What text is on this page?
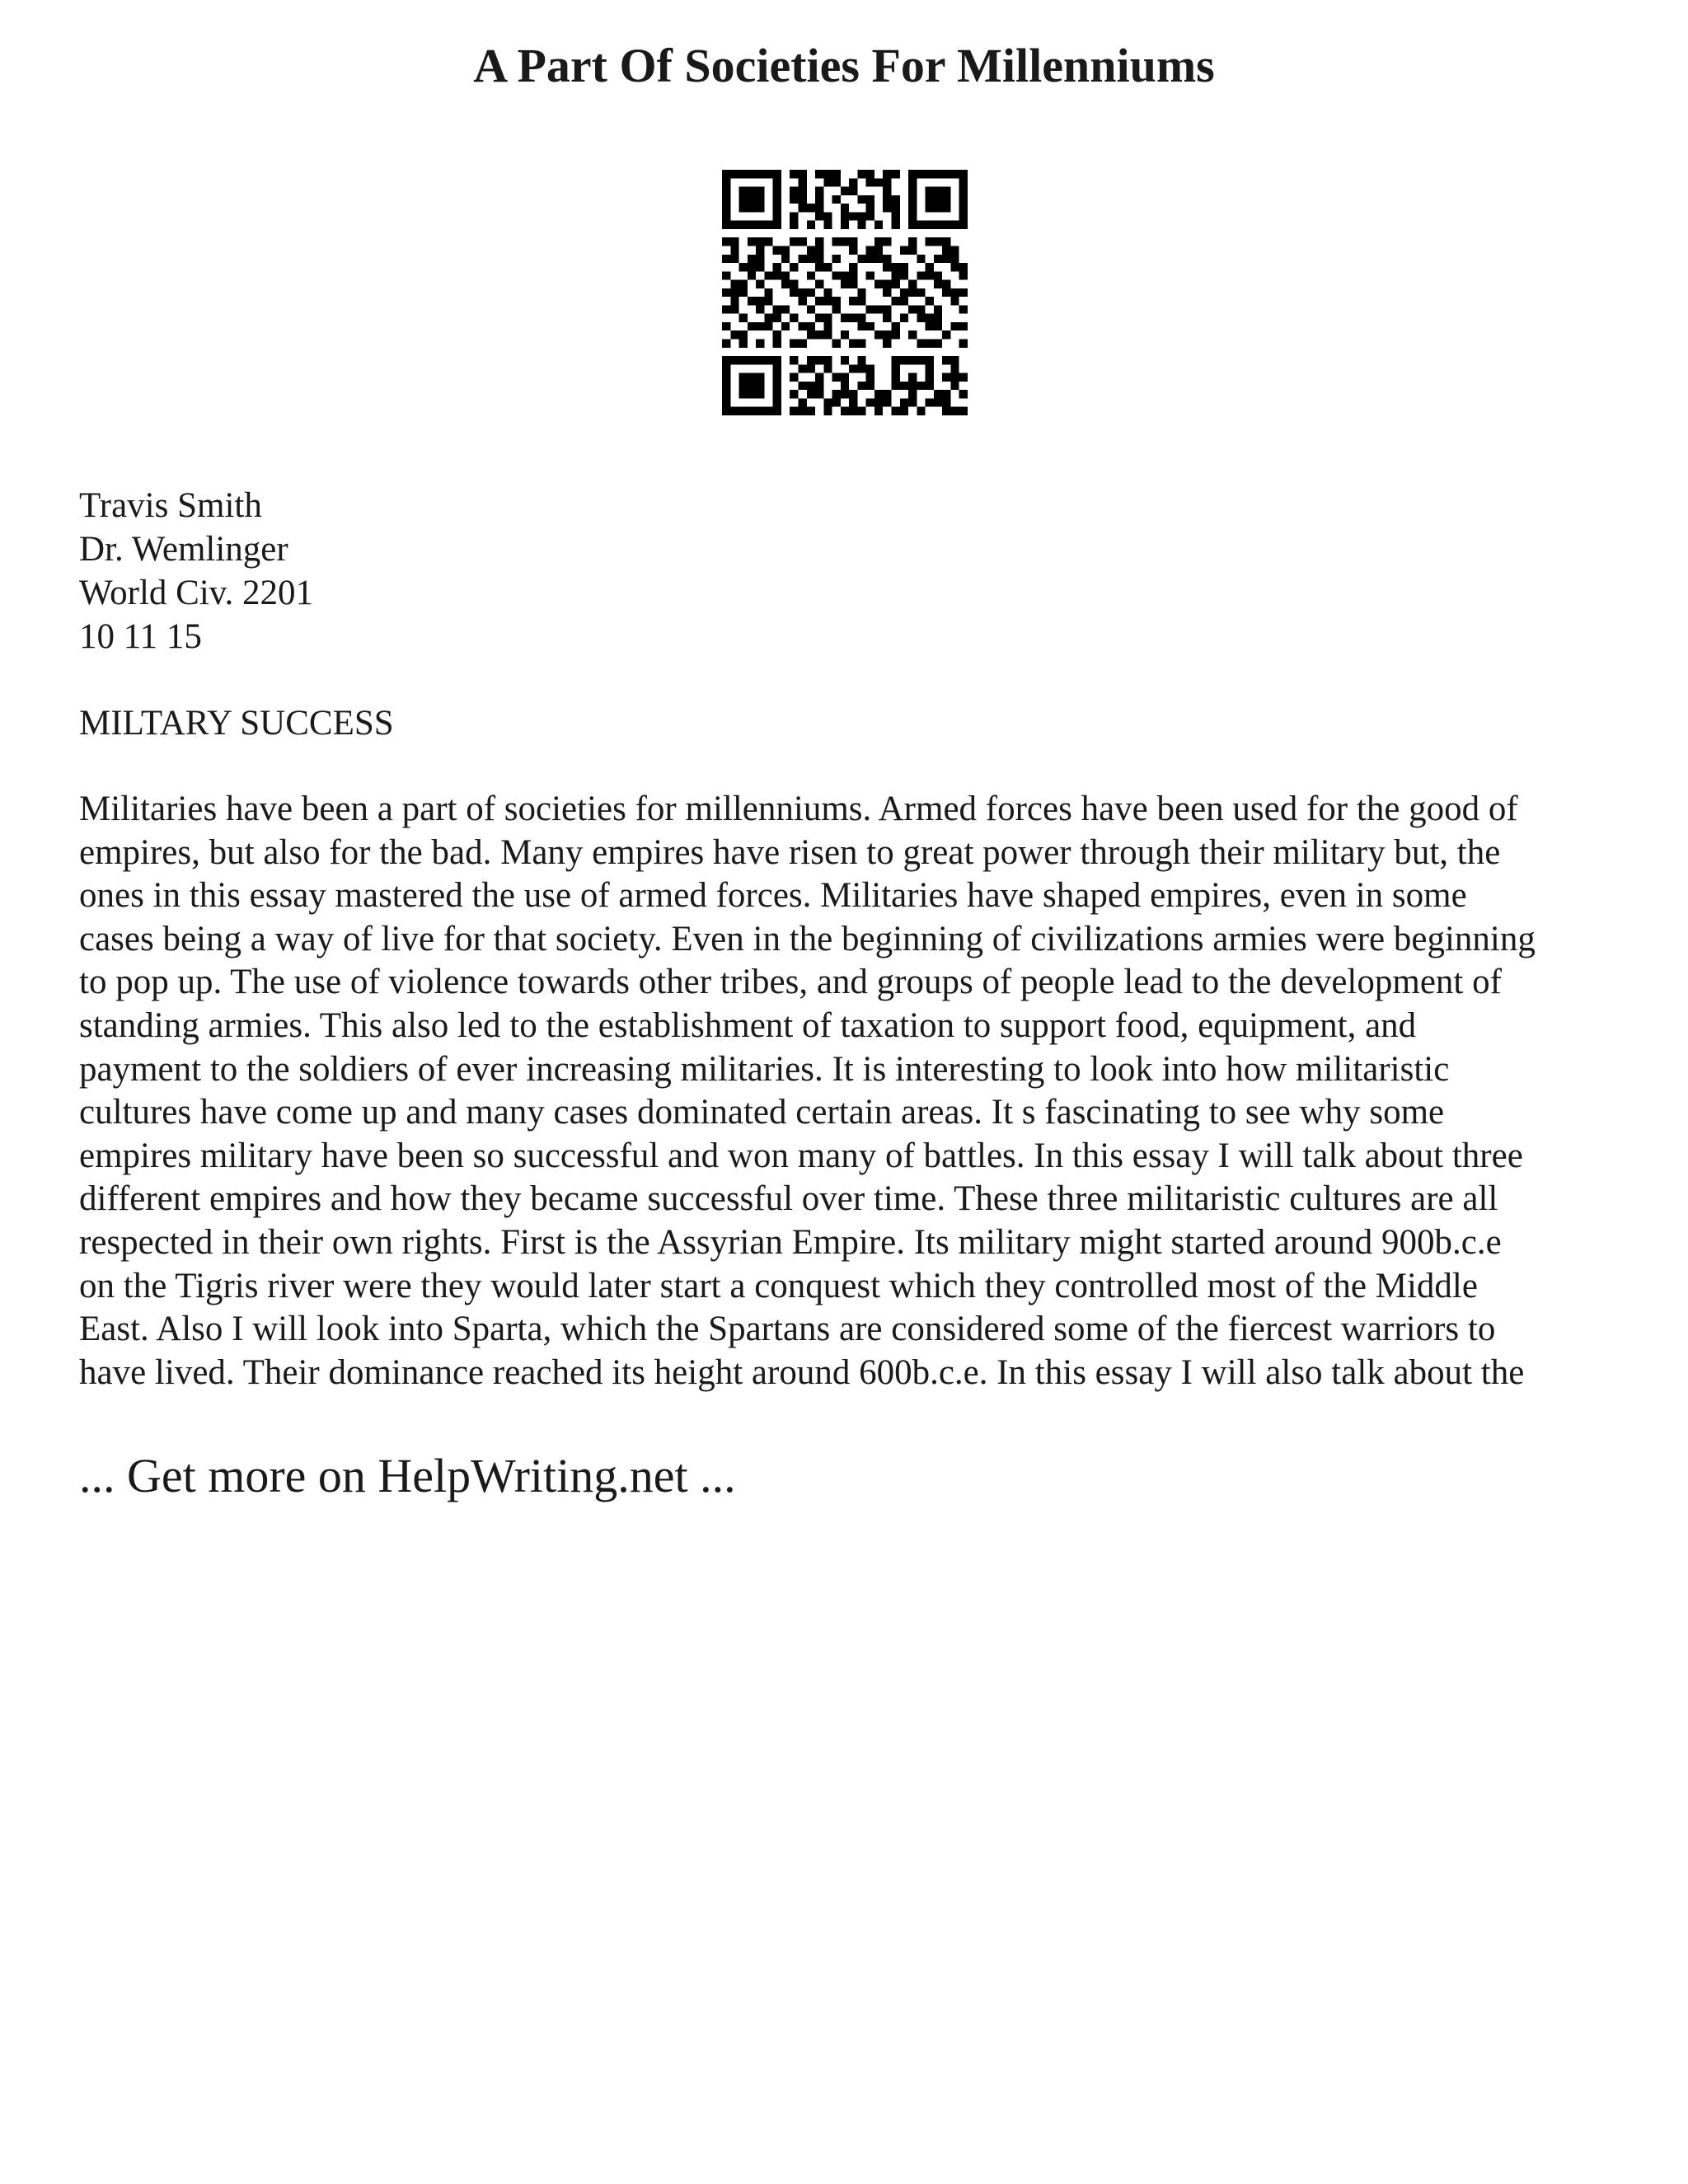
A Part Of Societies For Millenniums
Travis Smith
Dr. Wemlinger
World Civ. 2201
10 11 15
MILTARY SUCCESS
Militaries have been a part of societies for millenniums. Armed forces have been used for the good of
empires, but also for the bad. Many empires have risen to great power through their military but, the
ones in this essay mastered the use of armed forces. Militaries have shaped empires, even in some
cases being a way of live for that society. Even in the beginning of civilizations armies were beginning
to pop up. The use of violence towards other tribes, and groups of people lead to the development of
standing armies. This also led to the establishment of taxation to support food, equipment, and
payment to the soldiers of ever increasing militaries. It is interesting to look into how militaristic
cultures have come up and many cases dominated certain areas. It s fascinating to see why some
empires military have been so successful and won many of battles. In this essay I will talk about three
different empires and how they became successful over time. These three militaristic cultures are all
respected in their own rights. First is the Assyrian Empire. Its military might started around 900b.c.e
on the Tigris river were they would later start a conquest which they controlled most of the Middle
East. Also I will look into Sparta, which the Spartans are considered some of the fiercest warriors to
have lived. Their dominance reached its height around 600b.c.e. In this essay I will also talk about the
... Get more on HelpWriting.net ...
